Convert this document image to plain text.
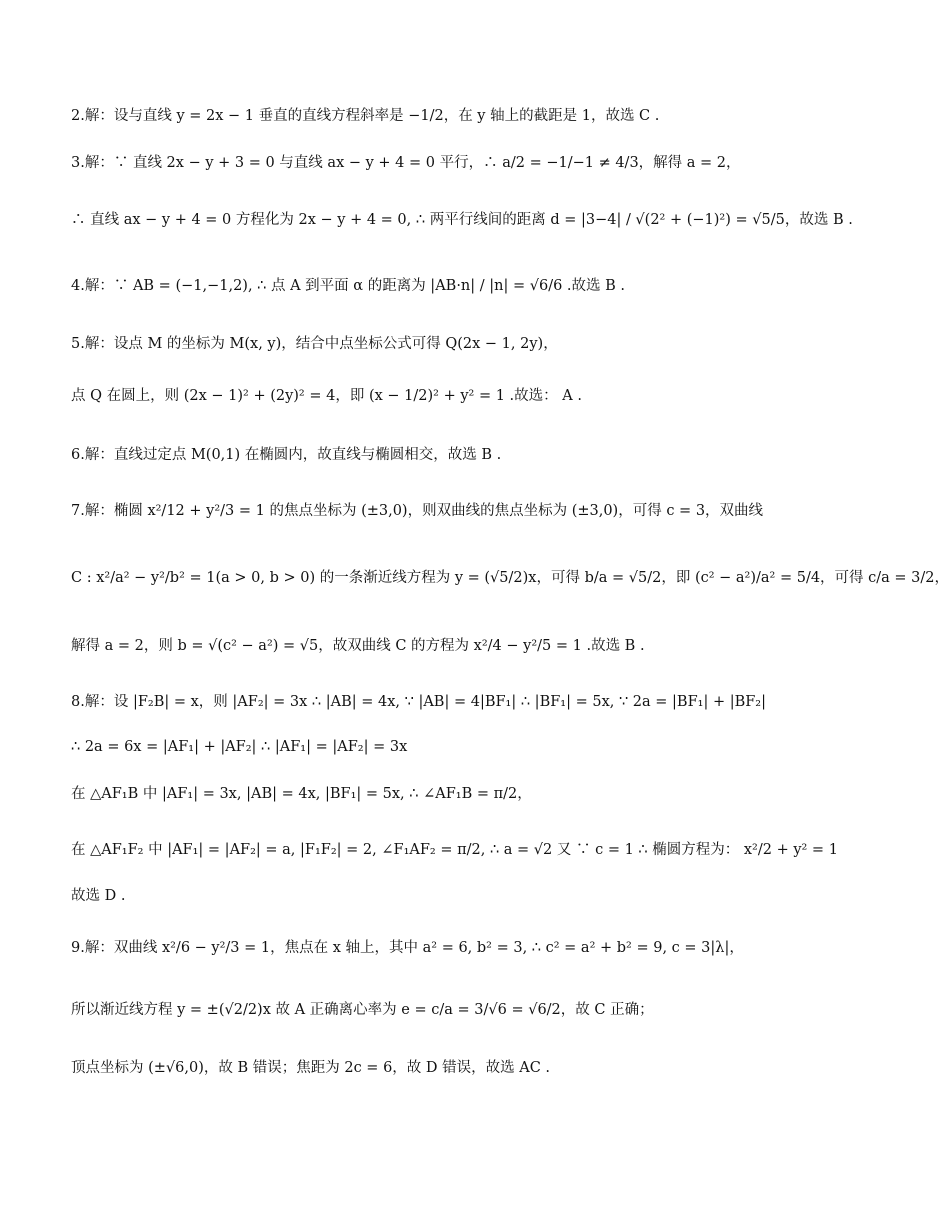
2.解：设与直线 y = 2x − 1 垂直的直线方程斜率是 −1/2，在 y 轴上的截距是 1，故选 C .
3.解：∵ 直线 2x − y + 3 = 0 与直线 ax − y + 4 = 0 平行，∴ a/2 = −1/−1 ≠ 4/3，解得 a = 2，
∴ 直线 ax − y + 4 = 0 方程化为 2x − y + 4 = 0, ∴ 两平行线间的距离 d = |3−4| / √(2² + (−1)²) = √5/5，故选 B .
4.解：∵ AB = (−1,−1,2), ∴ 点 A 到平面 α 的距离为 |AB·n| / |n| = √6/6 .故选 B .
5.解：设点 M 的坐标为 M(x, y)，结合中点坐标公式可得 Q(2x − 1, 2y)，
点 Q 在圆上，则 (2x − 1)² + (2y)² = 4，即 (x − 1/2)² + y² = 1 .故选： A .
6.解：直线过定点 M(0,1) 在椭圆内，故直线与椭圆相交，故选 B .
7.解：椭圆 x²/12 + y²/3 = 1 的焦点坐标为 (±3,0)，则双曲线的焦点坐标为 (±3,0)，可得 c = 3，双曲线
C : x²/a² − y²/b² = 1(a > 0, b > 0) 的一条渐近线方程为 y = (√5/2)x，可得 b/a = √5/2，即 (c² − a²)/a² = 5/4，可得 c/a = 3/2，
解得 a = 2，则 b = √(c² − a²) = √5，故双曲线 C 的方程为 x²/4 − y²/5 = 1 .故选 B .
8.解：设 |F₂B| = x，则 |AF₂| = 3x ∴ |AB| = 4x, ∵ |AB| = 4|BF₁| ∴ |BF₁| = 5x, ∵ 2a = |BF₁| + |BF₂|
∴ 2a = 6x = |AF₁| + |AF₂| ∴ |AF₁| = |AF₂| = 3x
在 △AF₁B 中 |AF₁| = 3x, |AB| = 4x, |BF₁| = 5x, ∴ ∠AF₁B = π/2，
在 △AF₁F₂ 中 |AF₁| = |AF₂| = a, |F₁F₂| = 2, ∠F₁AF₂ = π/2, ∴ a = √2 又 ∵ c = 1 ∴ 椭圆方程为： x²/2 + y² = 1
故选 D .
9.解：双曲线 x²/6 − y²/3 = 1，焦点在 x 轴上，其中 a² = 6, b² = 3, ∴ c² = a² + b² = 9, c = 3|λ|，
所以渐近线方程 y = ±(√2/2)x 故 A 正确离心率为 e = c/a = 3/√6 = √6/2，故 C 正确；
顶点坐标为 (±√6,0)，故 B 错误；焦距为 2c = 6，故 D 错误，故选 AC .
